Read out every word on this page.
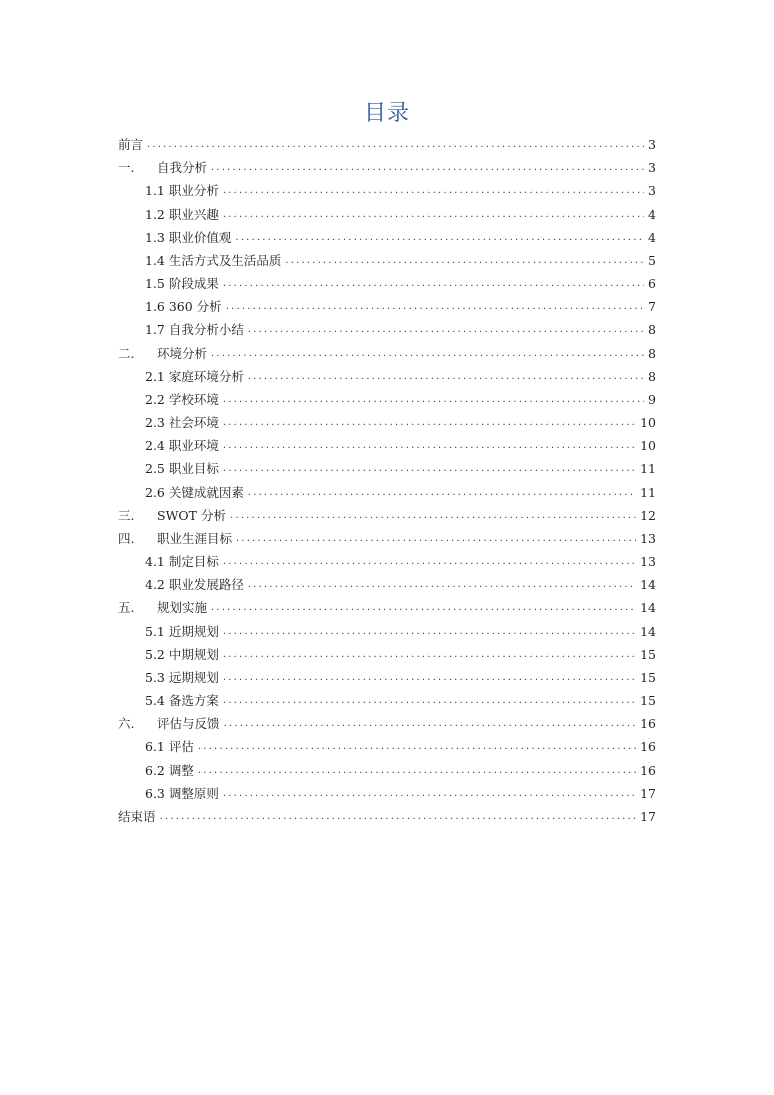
目录
前言 .....	3
一.	自我分析 .....	3
1.1 职业分析 .....	3
1.2 职业兴趣 .....	4
1.3 职业价值观 .....	4
1.4 生活方式及生活品质 .....	5
1.5 阶段成果 .....	6
1.6 360 分析 .....	7
1.7 自我分析小结 .....	8
二.	环境分析 .....	8
2.1 家庭环境分析 .....	8
2.2 学校环境 .....	9
2.3 社会环境 .....	10
2.4 职业环境 .....	10
2.5 职业目标 .....	11
2.6 关键成就因素 .....	11
三.	SWOT 分析 .....	12
四.	职业生涯目标 .....	13
4.1 制定目标 .....	13
4.2 职业发展路径 .....	14
五.	规划实施 .....	14
5.1 近期规划 .....	14
5.2 中期规划 .....	15
5.3 远期规划 .....	15
5.4 备选方案 .....	15
六.	评估与反馈 .....	16
6.1 评估 .....	16
6.2 调整 .....	16
6.3 调整原则 .....	17
结束语 .....	17
